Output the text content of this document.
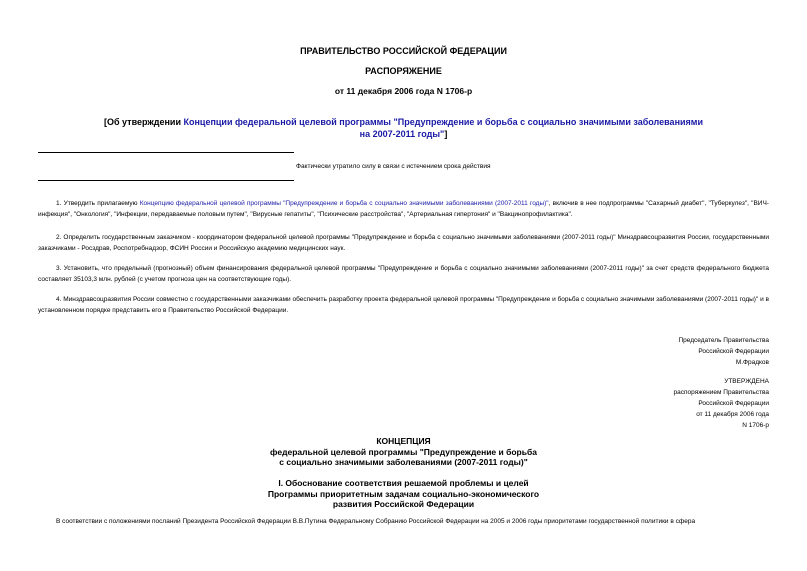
ПРАВИТЕЛЬСТВО РОССИЙСКОЙ ФЕДЕРАЦИИ
РАСПОРЯЖЕНИЕ
от 11 декабря 2006 года N 1706-р
[Об утверждении Концепции федеральной целевой программы "Предупреждение и борьба с социально значимыми заболеваниями
на 2007-2011 годы"]
Фактически утратило силу в связи с истечением срока действия
1. Утвердить прилагаемую Концепцию федеральной целевой программы "Предупреждение и борьба с социально значимыми заболеваниями (2007-2011 годы)", включив в нее подпрограммы "Сахарный диабет", "Туберкулез", "ВИЧ-инфекция", "Онкология", "Инфекции, передаваемые половым путем", "Вирусные гепатиты", "Психические расстройства", "Артериальная гипертония" и "Вакцинопрофилактика".
2. Определить государственным заказчиком - координатором федеральной целевой программы "Предупреждение и борьба с социально значимыми заболеваниями (2007-2011 годы)" Минздравсоцразвития России, государственными заказчиками - Росздрав, Роспотребнадзор, ФСИН России и Российскую академию медицинских наук.
3. Установить, что предельный (прогнозный) объем финансирования федеральной целевой программы "Предупреждение и борьба с социально значимыми заболеваниями (2007-2011 годы)" за счет средств федерального бюджета составляет 35103,3 млн. рублей (с учетом прогноза цен на соответствующие годы).
4. Минздравсоцразвития России совместно с государственными заказчиками обеспечить разработку проекта федеральной целевой программы "Предупреждение и борьба с социально значимыми заболеваниями (2007-2011 годы)" и в установленном порядке представить его в Правительство Российской Федерации.
Председатель Правительства
Российской Федерации
М.Фрадков
УТВЕРЖДЕНА
распоряжением Правительства
Российской Федерации
от 11 декабря 2006 года
N 1706-р
КОНЦЕПЦИЯ
федеральной целевой программы "Предупреждение и борьба
с социально значимыми заболеваниями (2007-2011 годы)"
I. Обоснование соответствия решаемой проблемы и целей
Программы приоритетным задачам социально-экономического
развития Российской Федерации
В соответствии с положениями посланий Президента Российской Федерации В.В.Путина Федеральному Собранию Российской Федерации на 2005 и 2006 годы приоритетами государственной политики в сфера
